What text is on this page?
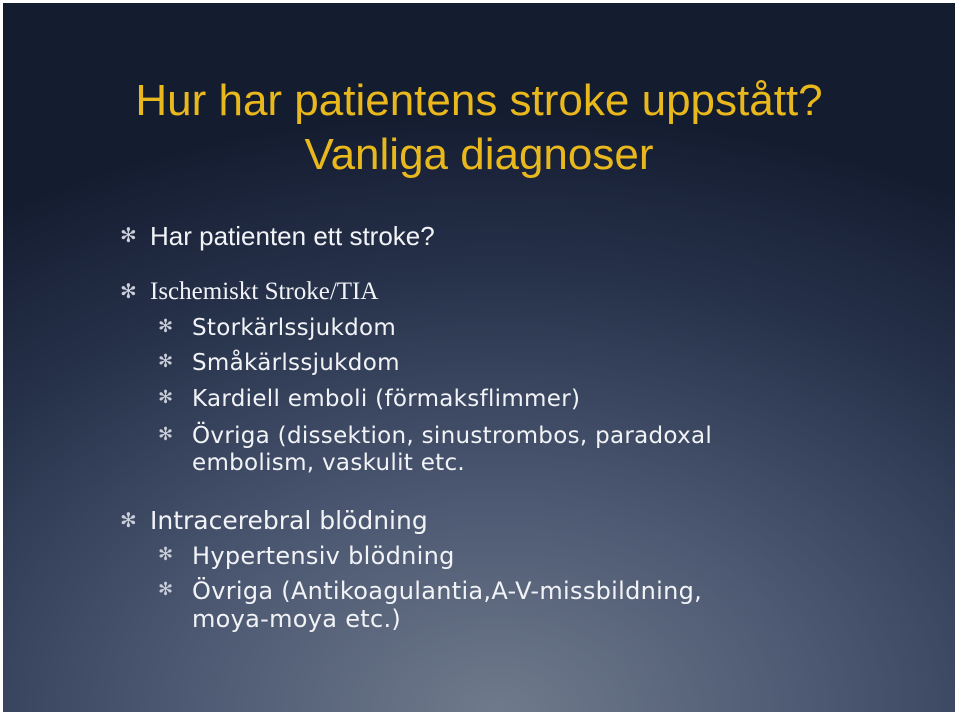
Hur har patientens stroke uppstått?
Vanliga diagnoser
✻ Har patienten ett stroke?
✻ Ischemiskt Stroke/TIA
✻ Storkärlssjukdom
✻ Småkärlssjukdom
✻ Kardiell emboli (förmaksflimmer)
✻ Övriga (dissektion, sinustrombos, paradoxal
embolism, vaskulit etc.
✻ Intracerebral blödning
✻ Hypertensiv blödning
✻ Övriga (Antikoagulantia,A-V-missbildning,
moya-moya etc.)
